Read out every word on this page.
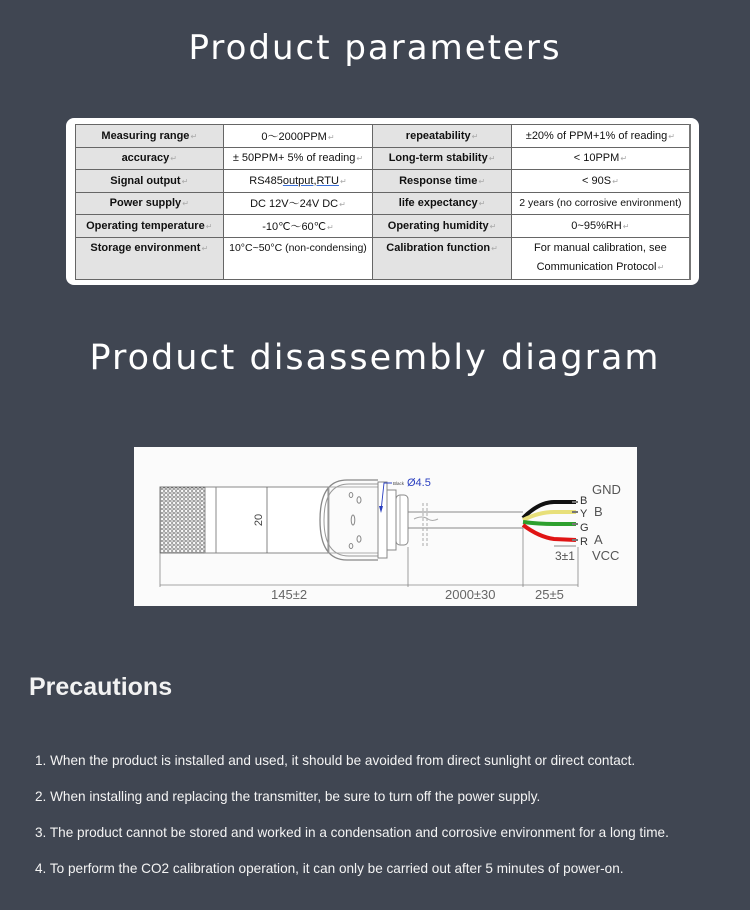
Product parameters
Measuring range↵	0～2000PPM↵	repeatability↵	±20% of PPM+1% of reading↵
accuracy↵	± 50PPM+ 5% of reading↵	Long-term stability↵	< 10PPM↵
Signal output↵	RS485output,RTU↵	Response time↵	< 90S↵
Power supply↵	DC 12V～24V DC↵	life expectancy↵	2 years (no corrosive environment)
Operating temperature↵	-10℃～60℃↵	Operating humidity↵	0~95%RH↵
Storage environment↵	10°C~50°C (non-condensing)	Calibration function↵	For manual calibration, see
Communication Protocol↵
Product disassembly diagram
20
Black Ø4.5
B
Y
G
R
GND
B
A
VCC
3±1
145±2	2000±30	25±5
Precautions
1. When the product is installed and used, it should be avoided from direct sunlight or direct contact.
2. When installing and replacing the transmitter, be sure to turn off the power supply.
3. The product cannot be stored and worked in a condensation and corrosive environment for a long time.
4. To perform the CO2 calibration operation, it can only be carried out after 5 minutes of power-on.
